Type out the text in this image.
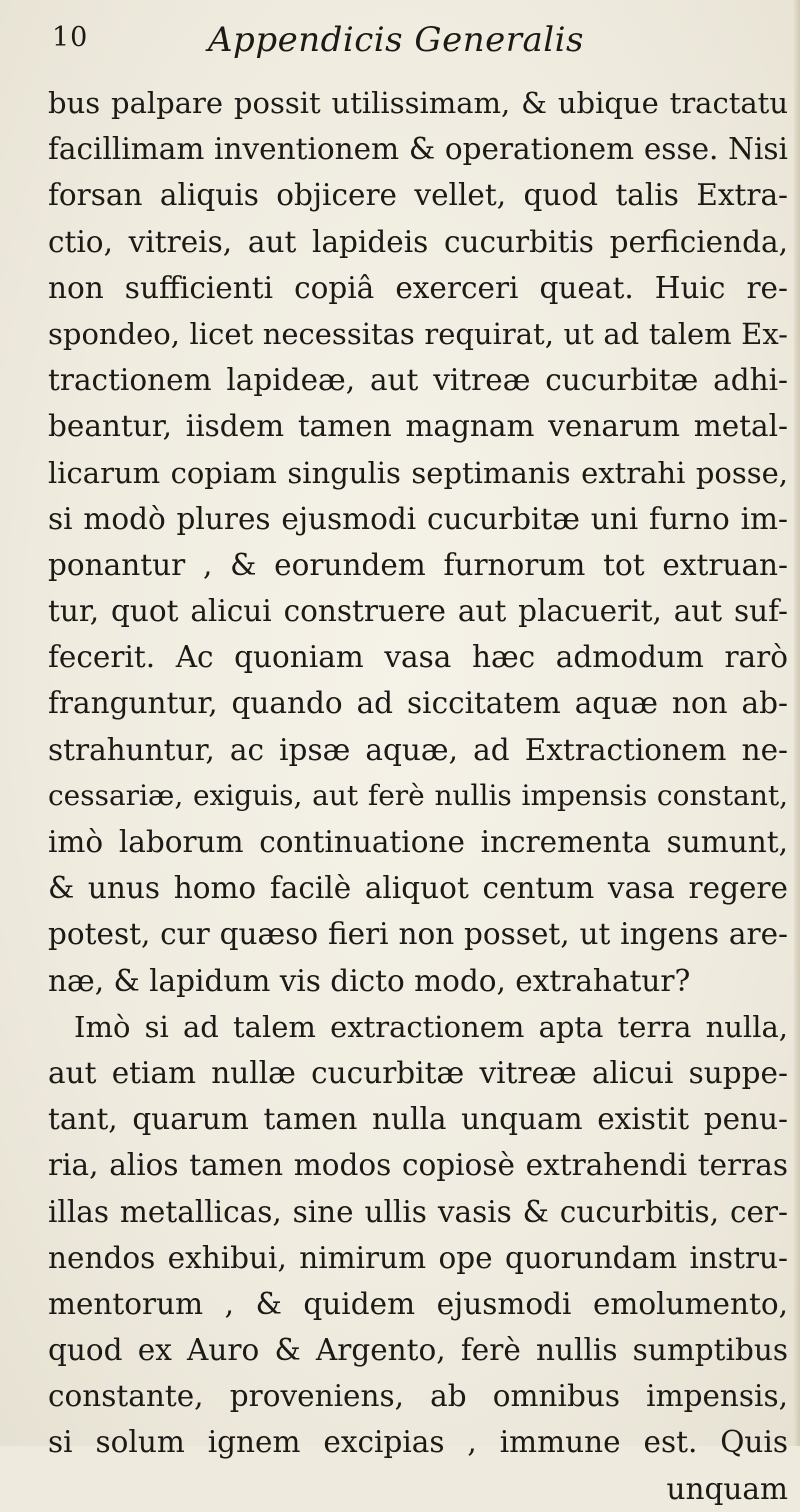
10	Appendicis Generalis
bus palpare possit utilissimam, & ubique tractatu
facillimam inventionem & operationem esse. Nisi
forsan aliquis objicere vellet, quod talis Extra-
ctio, vitreis, aut lapideis cucurbitis perficienda,
non sufficienti copiâ exerceri queat. Huic re-
spondeo, licet necessitas requirat, ut ad talem Ex-
tractionem lapideæ, aut vitreæ cucurbitæ adhi-
beantur, iisdem tamen magnam venarum metal-
licarum copiam singulis septimanis extrahi posse,
si modò plures ejusmodi cucurbitæ uni furno im-
ponantur , & eorundem furnorum tot extruan-
tur, quot alicui construere aut placuerit, aut suf-
fecerit. Ac quoniam vasa hæc admodum rarò
franguntur, quando ad siccitatem aquæ non ab-
strahuntur, ac ipsæ aquæ, ad Extractionem ne-
cessariæ, exiguis, aut ferè nullis impensis constant,
imò laborum continuatione incrementa sumunt,
& unus homo facilè aliquot centum vasa regere
potest, cur quæso fieri non posset, ut ingens are-
næ, & lapidum vis dicto modo, extrahatur?
Imò si ad talem extractionem apta terra nulla,
aut etiam nullæ cucurbitæ vitreæ alicui suppe-
tant, quarum tamen nulla unquam existit penu-
ria, alios tamen modos copiosè extrahendi terras
illas metallicas, sine ullis vasis & cucurbitis, cer-
nendos exhibui, nimirum ope quorundam instru-
mentorum , & quidem ejusmodi emolumento,
quod ex Auro & Argento, ferè nullis sumptibus
constante, proveniens, ab omnibus impensis,
si solum ignem excipias , immune est. Quis
unquam
